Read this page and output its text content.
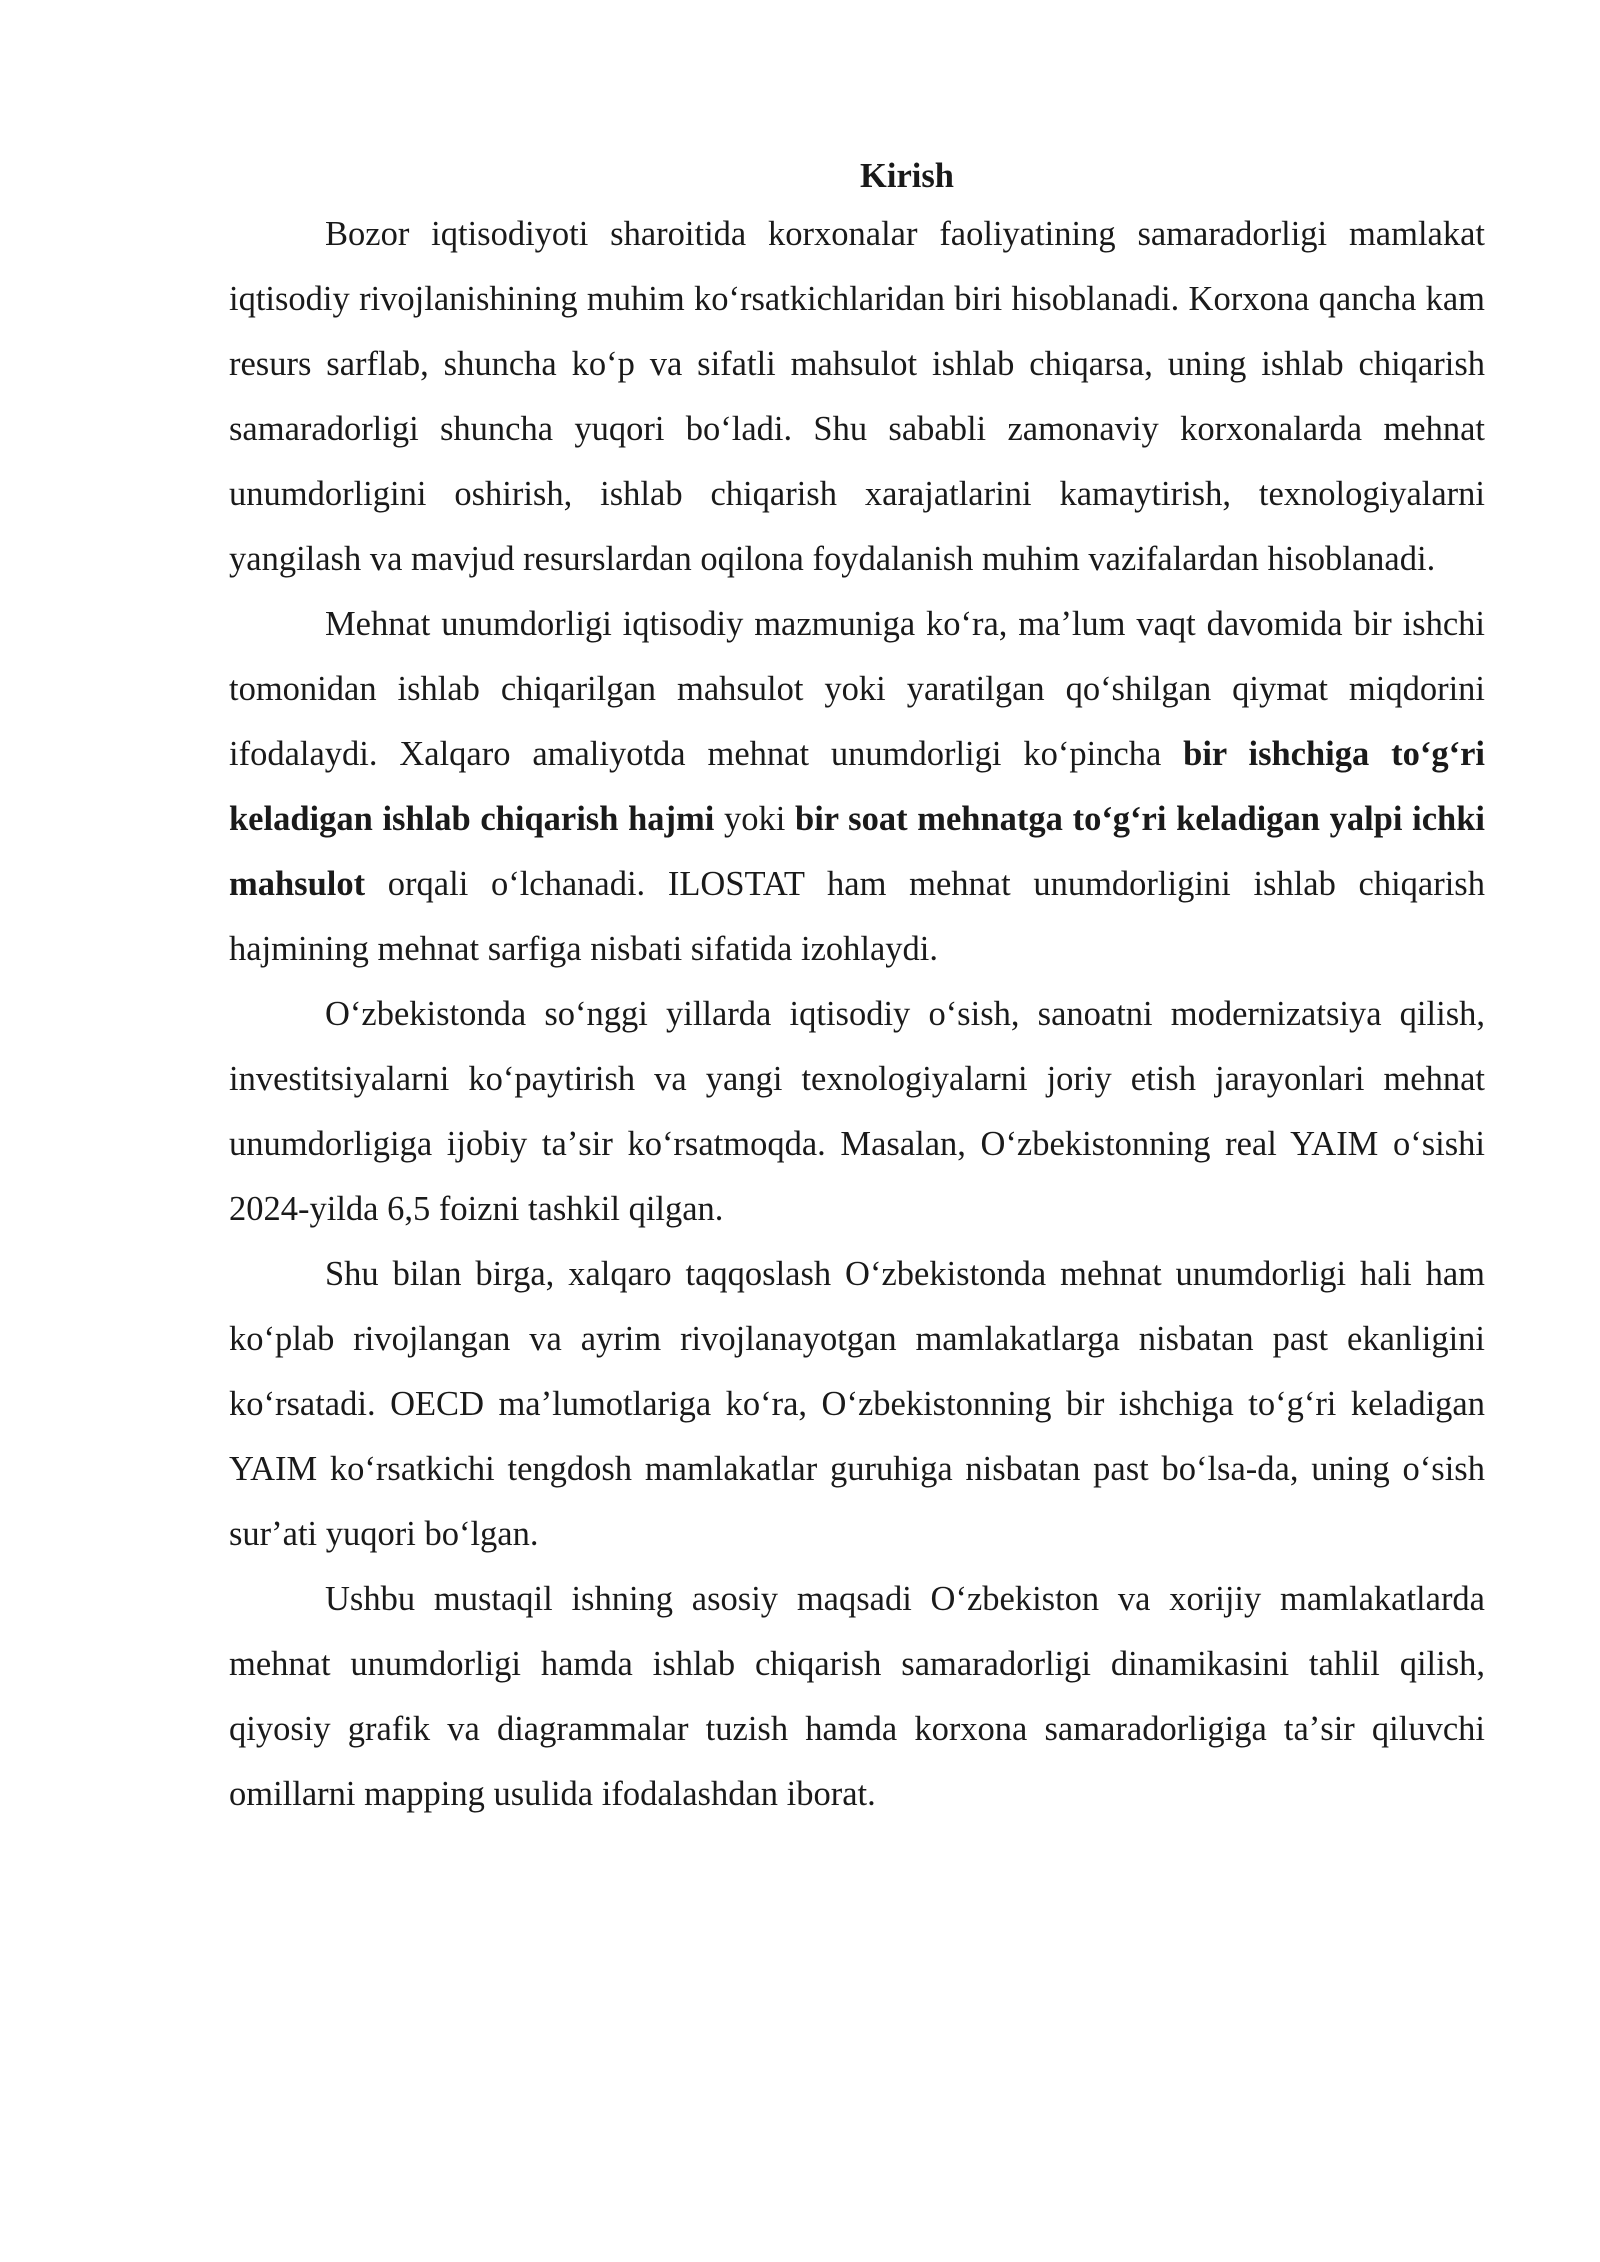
Kirish

Bozor iqtisodiyoti sharoitida korxonalar faoliyatining samaradorligi mamlakat iqtisodiy rivojlanishining muhim koʻrsatkichlaridan biri hisoblanadi. Korxona qancha kam resurs sarflab, shuncha koʻp va sifatli mahsulot ishlab chiqarsa, uning ishlab chiqarish samaradorligi shuncha yuqori boʻladi. Shu sababli zamonaviy korxonalarda mehnat unumdorligini oshirish, ishlab chiqarish xarajatlarini kamaytirish, texnologiyalarni yangilash va mavjud resurslardan oqilona foydalanish muhim vazifalardan hisoblanadi.

Mehnat unumdorligi iqtisodiy mazmuniga koʻra, maʼlum vaqt davomida bir ishchi tomonidan ishlab chiqarilgan mahsulot yoki yaratilgan qoʻshilgan qiymat miqdorini ifodalaydi. Xalqaro amaliyotda mehnat unumdorligi koʻpincha bir ishchiga toʻgʻri keladigan ishlab chiqarish hajmi yoki bir soat mehnatga toʻgʻri keladigan yalpi ichki mahsulot orqali oʻlchanadi. ILOSTAT ham mehnat unumdorligini ishlab chiqarish hajmining mehnat sarfiga nisbati sifatida izohlaydi.

Oʻzbekistonda soʻnggi yillarda iqtisodiy oʻsish, sanoatni modernizatsiya qilish, investitsiyalarni koʻpaytirish va yangi texnologiyalarni joriy etish jarayonlari mehnat unumdorligiga ijobiy taʼsir koʻrsatmoqda. Masalan, Oʻzbekistonning real YAIM oʻsishi 2024-yilda 6,5 foizni tashkil qilgan.

Shu bilan birga, xalqaro taqqoslash Oʻzbekistonda mehnat unumdorligi hali ham koʻplab rivojlangan va ayrim rivojlanayotgan mamlakatlarga nisbatan past ekanligini koʻrsatadi. OECD maʼlumotlariga koʻra, Oʻzbekistonning bir ishchiga toʻgʻri keladigan YAIM koʻrsatkichi tengdosh mamlakatlar guruhiga nisbatan past boʻlsa-da, uning oʻsish surʼati yuqori boʻlgan.

Ushbu mustaqil ishning asosiy maqsadi Oʻzbekiston va xorijiy mamlakatlarda mehnat unumdorligi hamda ishlab chiqarish samaradorligi dinamikasini tahlil qilish, qiyosiy grafik va diagrammalar tuzish hamda korxona samaradorligiga taʼsir qiluvchi omillarni mapping usulida ifodalashdan iborat.
